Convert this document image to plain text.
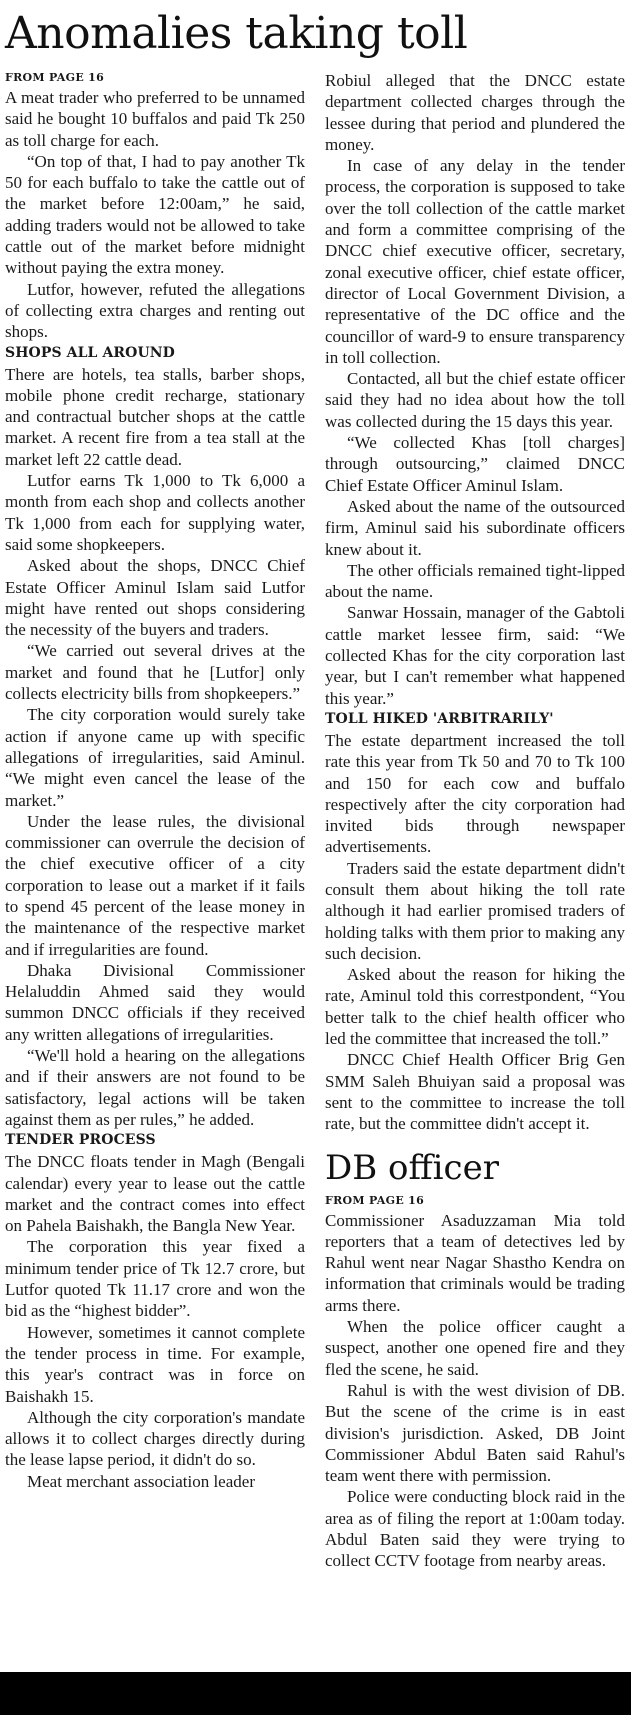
Anomalies taking toll
FROM PAGE 16

A meat trader who preferred to be unnamed said he bought 10 buffalos and paid Tk 250 as toll charge for each.

“On top of that, I had to pay another Tk 50 for each buffalo to take the cattle out of the market before 12:00am,” he said, adding traders would not be allowed to take cattle out of the market before midnight without paying the extra money.

Lutfor, however, refuted the allegations of collecting extra charges and renting out shops.

SHOPS ALL AROUND

There are hotels, tea stalls, barber shops, mobile phone credit recharge, stationary and contractual butcher shops at the cattle market. A recent fire from a tea stall at the market left 22 cattle dead.

Lutfor earns Tk 1,000 to Tk 6,000 a month from each shop and collects another Tk 1,000 from each for supplying water, said some shopkeepers.

Asked about the shops, DNCC Chief Estate Officer Aminul Islam said Lutfor might have rented out shops considering the necessity of the buyers and traders.

“We carried out several drives at the market and found that he [Lutfor] only collects electricity bills from shopkeepers.”

The city corporation would surely take action if anyone came up with specific allegations of irregularities, said Aminul. “We might even cancel the lease of the market.”

Under the lease rules, the divisional commissioner can overrule the decision of the chief executive officer of a city corporation to lease out a market if it fails to spend 45 percent of the lease money in the maintenance of the respective market and if irregularities are found.

Dhaka Divisional Commissioner Helaluddin Ahmed said they would summon DNCC officials if they received any written allegations of irregularities.

“We'll hold a hearing on the allegations and if their answers are not found to be satisfactory, legal actions will be taken against them as per rules,” he added.

TENDER PROCESS

The DNCC floats tender in Magh (Bengali calendar) every year to lease out the cattle market and the contract comes into effect on Pahela Baishakh, the Bangla New Year.

The corporation this year fixed a minimum tender price of Tk 12.7 crore, but Lutfor quoted Tk 11.17 crore and won the bid as the “highest bidder”.

However, sometimes it cannot complete the tender process in time. For example, this year's contract was in force on Baishakh 15.

Although the city corporation's mandate allows it to collect charges directly during the lease lapse period, it didn't do so.

Meat merchant association leader

Robiul alleged that the DNCC estate department collected charges through the lessee during that period and plundered the money.

In case of any delay in the tender process, the corporation is supposed to take over the toll collection of the cattle market and form a committee comprising of the DNCC chief executive officer, secretary, zonal executive officer, chief estate officer, director of Local Government Division, a representative of the DC office and the councillor of ward-9 to ensure transparency in toll collection.

Contacted, all but the chief estate officer said they had no idea about how the toll was collected during the 15 days this year.

“We collected Khas [toll charges] through outsourcing,” claimed DNCC Chief Estate Officer Aminul Islam.

Asked about the name of the outsourced firm, Aminul said his subordinate officers knew about it.

The other officials remained tight-lipped about the name.

Sanwar Hossain, manager of the Gabtoli cattle market lessee firm, said: “We collected Khas for the city corporation last year, but I can't remember what happened this year.”

TOLL HIKED 'ARBITRARILY'

The estate department increased the toll rate this year from Tk 50 and 70 to Tk 100 and 150 for each cow and buffalo respectively after the city corporation had invited bids through newspaper advertisements.

Traders said the estate department didn't consult them about hiking the toll rate although it had earlier promised traders of holding talks with them prior to making any such decision.

Asked about the reason for hiking the rate, Aminul told this correstpondent, “You better talk to the chief health officer who led the committee that increased the toll.”

DNCC Chief Health Officer Brig Gen SMM Saleh Bhuiyan said a proposal was sent to the committee to increase the toll rate, but the committee didn't accept it.

DB officer
FROM PAGE 16

Commissioner Asaduzzaman Mia told reporters that a team of detectives led by Rahul went near Nagar Shastho Kendra on information that criminals would be trading arms there.

When the police officer caught a suspect, another one opened fire and they fled the scene, he said.

Rahul is with the west division of DB. But the scene of the crime is in east division's jurisdiction. Asked, DB Joint Commissioner Abdul Baten said Rahul's team went there with permission.

Police were conducting block raid in the area as of filing the report at 1:00am today. Abdul Baten said they were trying to collect CCTV footage from nearby areas.
